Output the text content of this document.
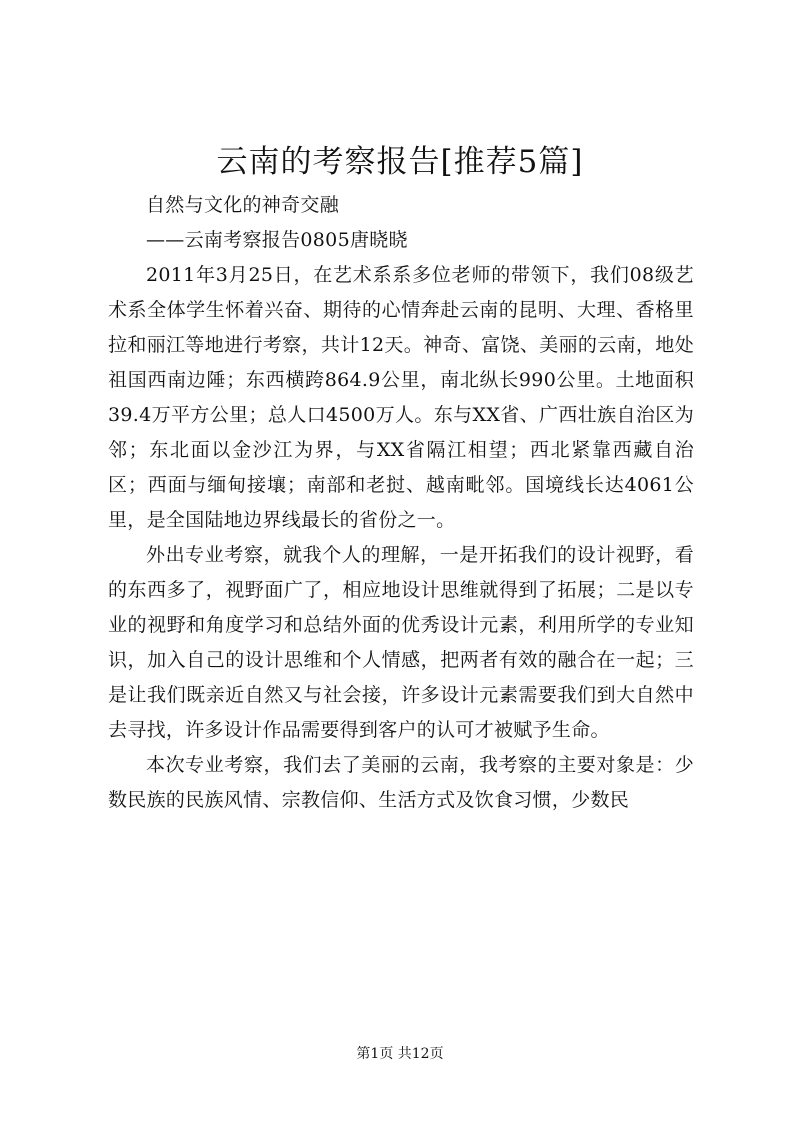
云南的考察报告[推荐5篇]

自然与文化的神奇交融

——云南考察报告0805唐晓晓

2011年3月25日，在艺术系系多位老师的带领下，我们08级艺术系全体学生怀着兴奋、期待的心情奔赴云南的昆明、大理、香格里拉和丽江等地进行考察，共计12天。神奇、富饶、美丽的云南，地处祖国西南边陲；东西横跨864.9公里，南北纵长990公里。土地面积39.4万平方公里；总人口4500万人。东与XX省、广西壮族自治区为邻；东北面以金沙江为界，与XX省隔江相望；西北紧靠西藏自治区；西面与缅甸接壤；南部和老挝、越南毗邻。国境线长达4061公里，是全国陆地边界线最长的省份之一。

外出专业考察，就我个人的理解，一是开拓我们的设计视野，看的东西多了，视野面广了，相应地设计思维就得到了拓展；二是以专业的视野和角度学习和总结外面的优秀设计元素，利用所学的专业知识，加入自己的设计思维和个人情感，把两者有效的融合在一起；三是让我们既亲近自然又与社会接，许多设计元素需要我们到大自然中去寻找，许多设计作品需要得到客户的认可才被赋予生命。

本次专业考察，我们去了美丽的云南，我考察的主要对象是：少数民族的民族风情、宗教信仰、生活方式及饮食习惯，少数民

第1页 共12页
